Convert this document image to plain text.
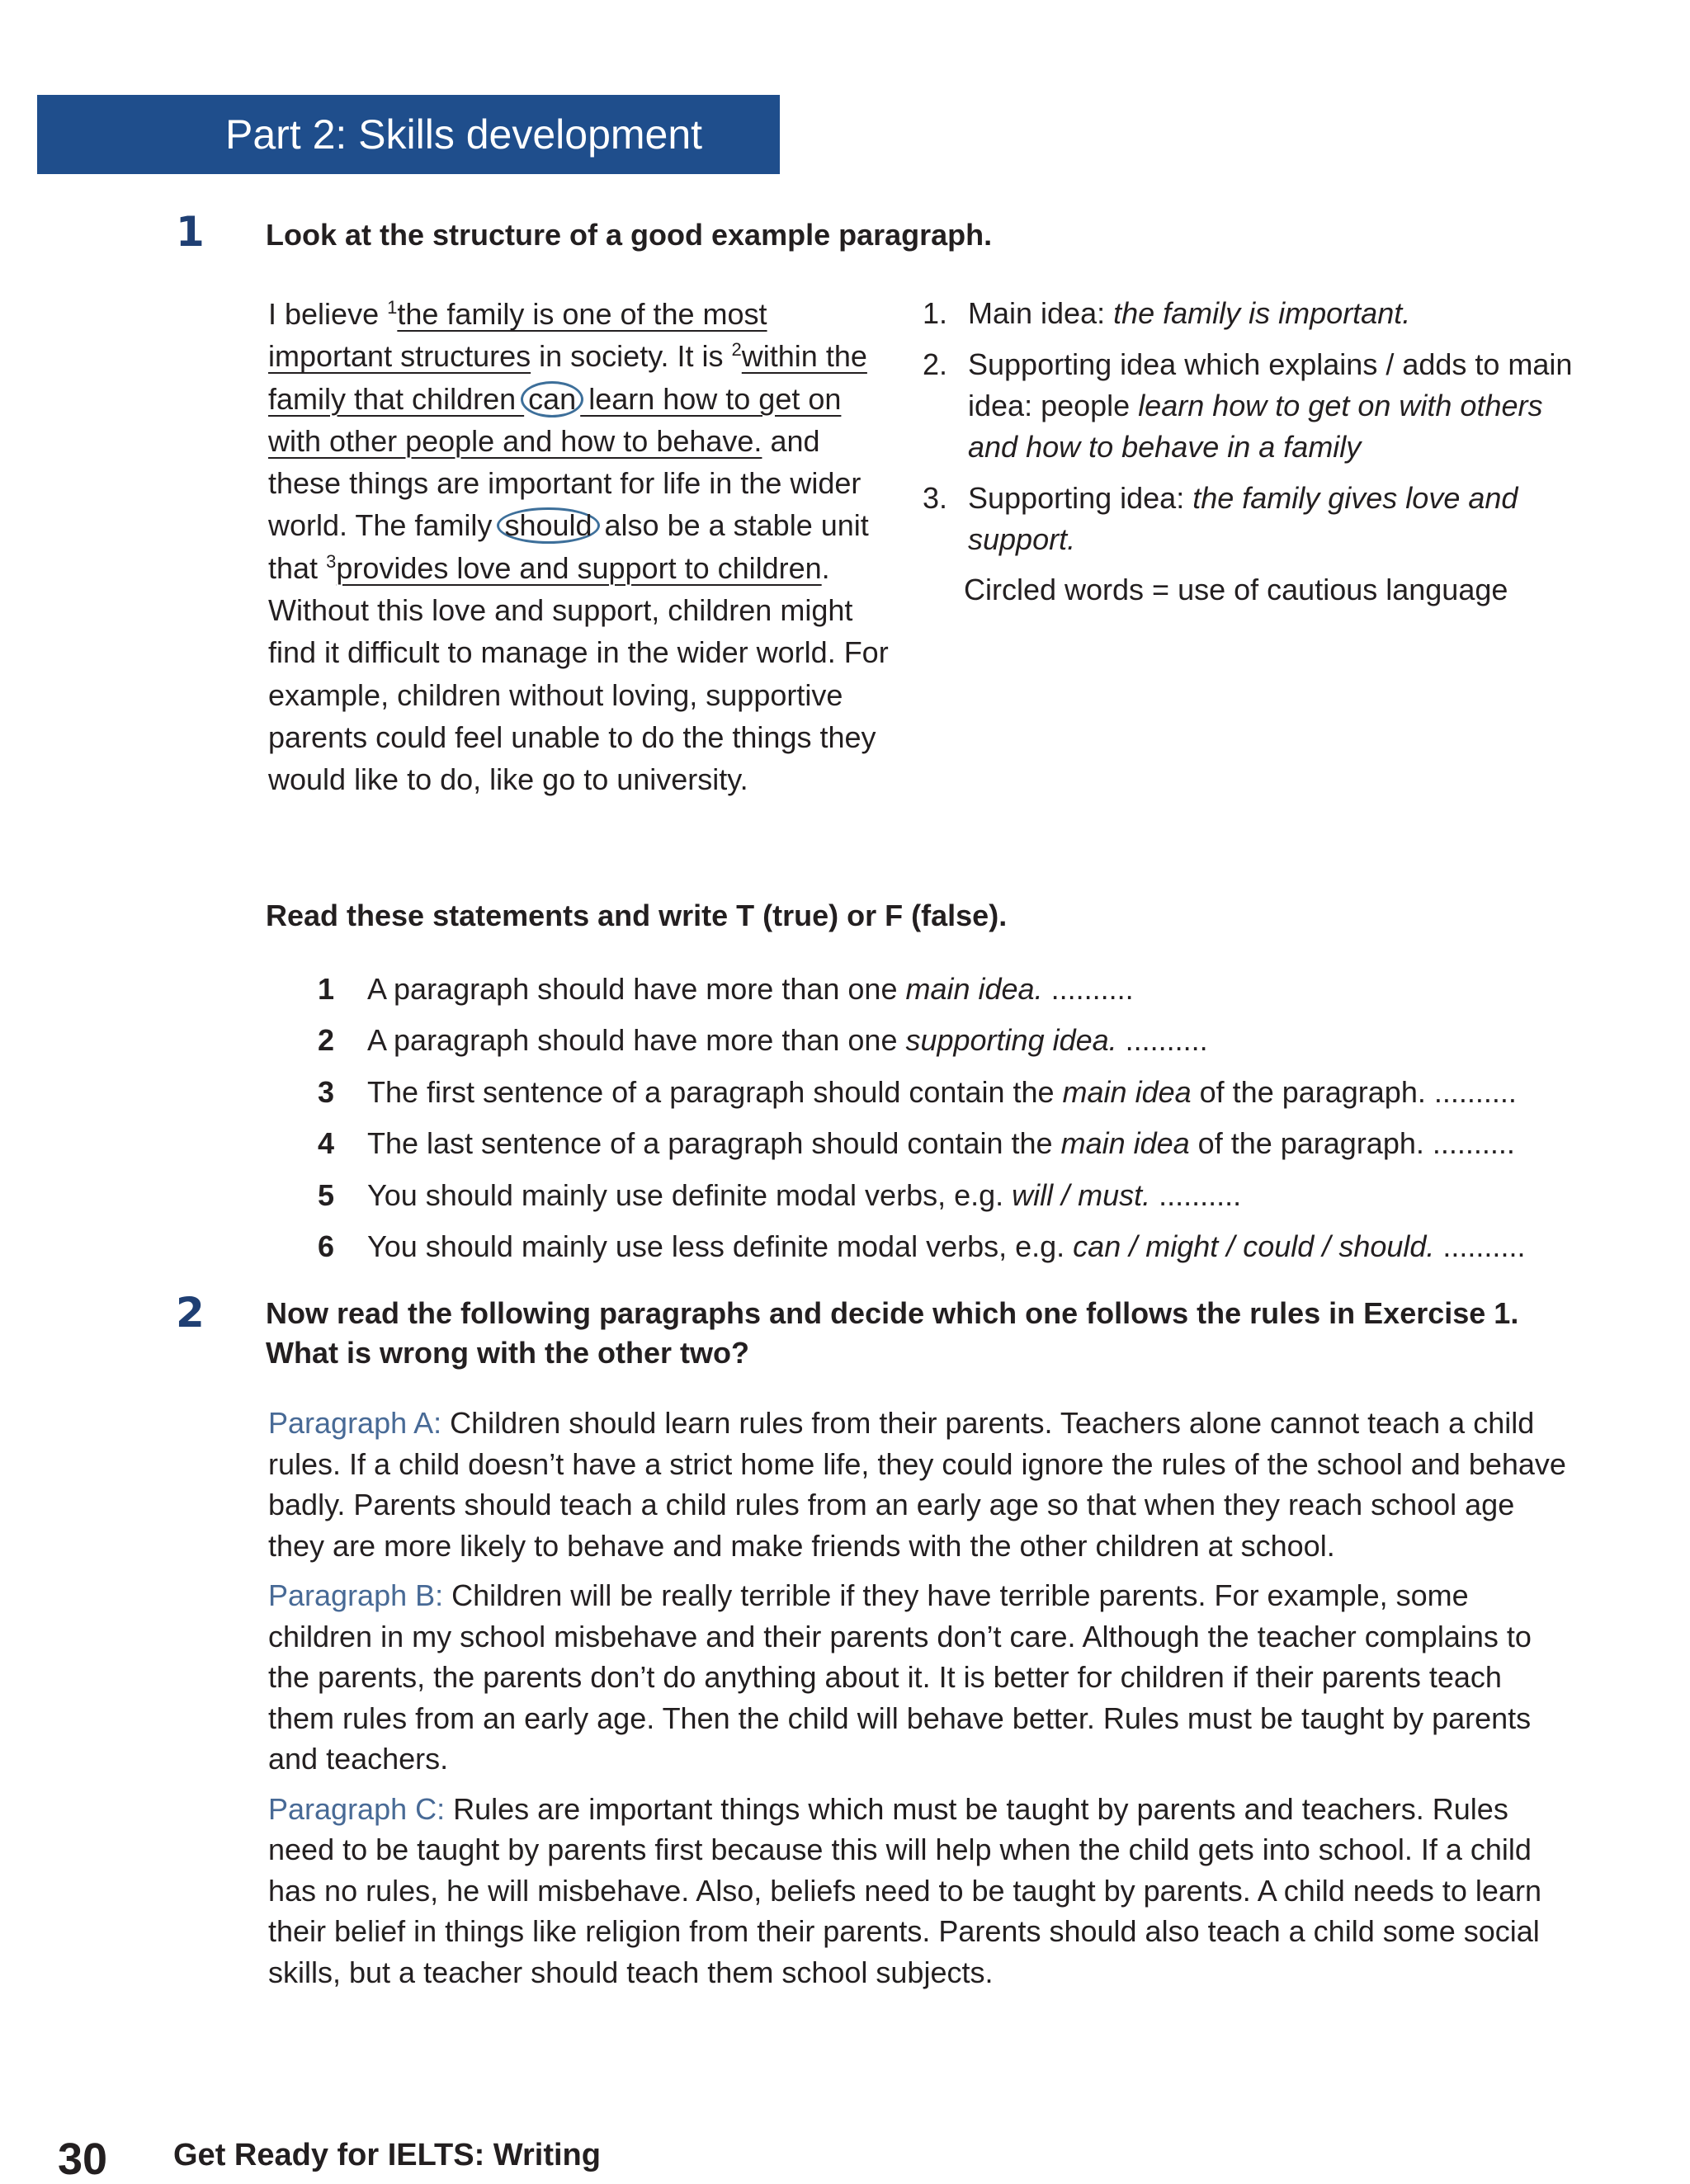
Part 2: Skills development
1 Look at the structure of a good example paragraph.

I believe $^1$the family is one of the most important structures in society. It is $^2$within the family that children can learn how to get on with other people and how to behave. and these things are important for life in the wider world. The family should also be a stable unit that $^3$provides love and support to children. Without this love and support, children might find it difficult to manage in the wider world. For example, children without loving, supportive parents could feel unable to do the things they would like to do, like go to university.

1. Main idea: the family is important.
2. Supporting idea which explains / adds to main idea: people learn how to get on with others and how to behave in a family
3. Supporting idea: the family gives love and support.
Circled words = use of cautious language

Read these statements and write T (true) or F (false).

1 A paragraph should have more than one main idea. ..........
2 A paragraph should have more than one supporting idea. ..........
3 The first sentence of a paragraph should contain the main idea of the paragraph. ..........
4 The last sentence of a paragraph should contain the main idea of the paragraph. ..........
5 You should mainly use definite modal verbs, e.g. will / must. ..........
6 You should mainly use less definite modal verbs, e.g. can / might / could / should. ..........
2 Now read the following paragraphs and decide which one follows the rules in Exercise 1. What is wrong with the other two?

Paragraph A: Children should learn rules from their parents. Teachers alone cannot teach a child rules. If a child doesn’t have a strict home life, they could ignore the rules of the school and behave badly. Parents should teach a child rules from an early age so that when they reach school age they are more likely to behave and make friends with the other children at school.

Paragraph B: Children will be really terrible if they have terrible parents. For example, some children in my school misbehave and their parents don’t care. Although the teacher complains to the parents, the parents don’t do anything about it. It is better for children if their parents teach them rules from an early age. Then the child will behave better. Rules must be taught by parents and teachers.

Paragraph C: Rules are important things which must be taught by parents and teachers. Rules need to be taught by parents first because this will help when the child gets into school. If a child has no rules, he will misbehave. Also, beliefs need to be taught by parents. A child needs to learn their belief in things like religion from their parents. Parents should also teach a child some social skills, but a teacher should teach them school subjects.

30 Get Ready for IELTS: Writing
